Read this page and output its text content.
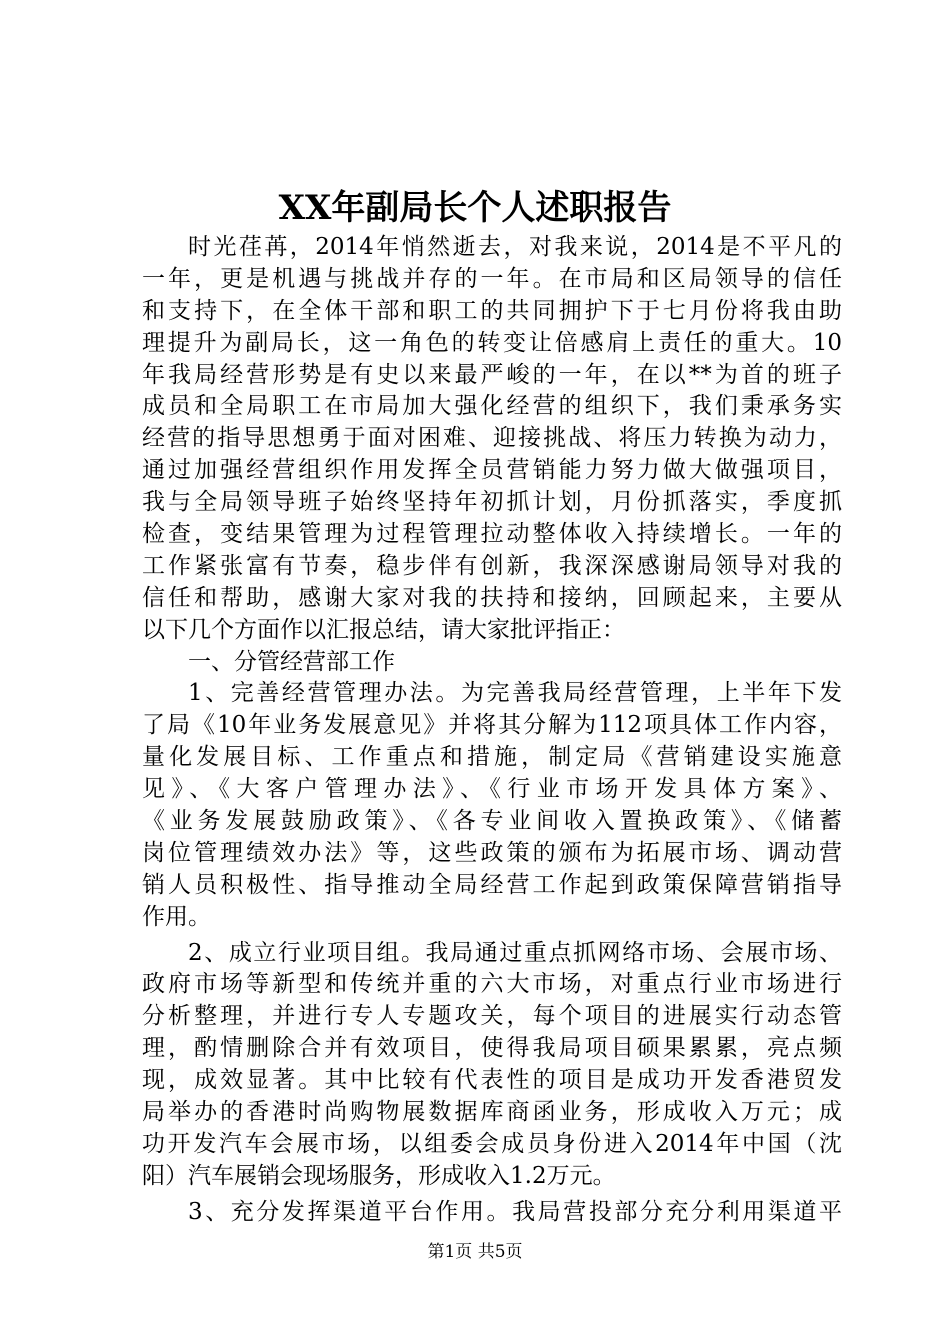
XX年副局长个人述职报告
时光荏苒，2014年悄然逝去，对我来说，2014是不平凡的
一年，更是机遇与挑战并存的一年。在市局和区局领导的信任
和支持下，在全体干部和职工的共同拥护下于七月份将我由助
理提升为副局长，这一角色的转变让倍感肩上责任的重大。10
年我局经营形势是有史以来最严峻的一年，在以**为首的班子
成员和全局职工在市局加大强化经营的组织下，我们秉承务实
经营的指导思想勇于面对困难、迎接挑战、将压力转换为动力，
通过加强经营组织作用发挥全员营销能力努力做大做强项目，
我与全局领导班子始终坚持年初抓计划，月份抓落实，季度抓
检查，变结果管理为过程管理拉动整体收入持续增长。一年的
工作紧张富有节奏，稳步伴有创新，我深深感谢局领导对我的
信任和帮助，感谢大家对我的扶持和接纳，回顾起来，主要从
以下几个方面作以汇报总结，请大家批评指正：
一、分管经营部工作
1、完善经营管理办法。为完善我局经营管理，上半年下发
了局《10年业务发展意见》并将其分解为112项具体工作内容，
量化发展目标、工作重点和措施，制定局《营销建设实施意
见》、《大客户管理办法》、《行业市场开发具体方案》、
《业务发展鼓励政策》、《各专业间收入置换政策》、《储蓄
岗位管理绩效办法》等，这些政策的颁布为拓展市场、调动营
销人员积极性、指导推动全局经营工作起到政策保障营销指导
作用。
2、成立行业项目组。我局通过重点抓网络市场、会展市场、
政府市场等新型和传统并重的六大市场，对重点行业市场进行
分析整理，并进行专人专题攻关，每个项目的进展实行动态管
理，酌情删除合并有效项目，使得我局项目硕果累累，亮点频
现，成效显著。其中比较有代表性的项目是成功开发香港贸发
局举办的香港时尚购物展数据库商函业务，形成收入万元；成
功开发汽车会展市场，以组委会成员身份进入2014年中国（沈
阳）汽车展销会现场服务，形成收入1.2万元。
3、充分发挥渠道平台作用。我局营投部分充分利用渠道平
第1页 共5页
